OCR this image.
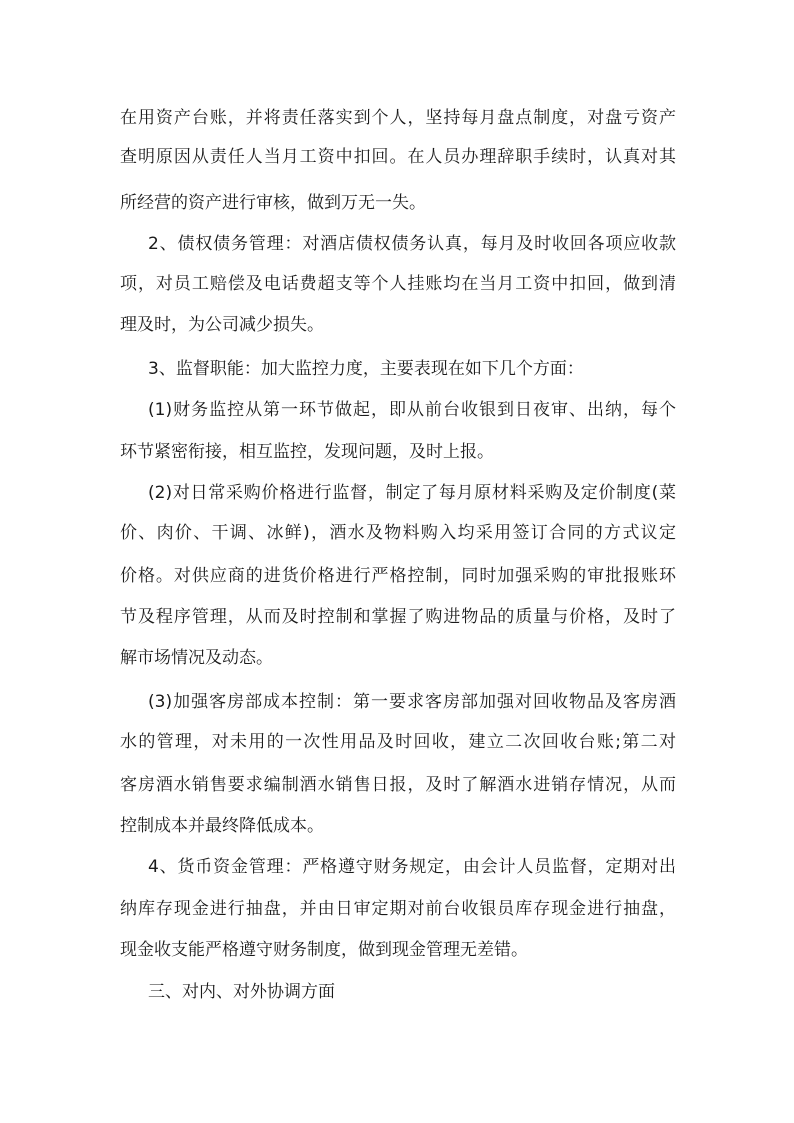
在用资产台账，并将责任落实到个人，坚持每月盘点制度，对盘亏资产
查明原因从责任人当月工资中扣回。在人员办理辞职手续时，认真对其
所经营的资产进行审核，做到万无一失。
2、债权债务管理：对酒店债权债务认真，每月及时收回各项应收款
项，对员工赔偿及电话费超支等个人挂账均在当月工资中扣回，做到清
理及时，为公司减少损失。
3、监督职能：加大监控力度，主要表现在如下几个方面：
(1)财务监控从第一环节做起，即从前台收银到日夜审、出纳，每个
环节紧密衔接，相互监控，发现问题，及时上报。
(2)对日常采购价格进行监督，制定了每月原材料采购及定价制度(菜
价、肉价、干调、冰鲜)，酒水及物料购入均采用签订合同的方式议定
价格。对供应商的进货价格进行严格控制，同时加强采购的审批报账环
节及程序管理，从而及时控制和掌握了购进物品的质量与价格，及时了
解市场情况及动态。
(3)加强客房部成本控制：第一要求客房部加强对回收物品及客房酒
水的管理，对未用的一次性用品及时回收，建立二次回收台账;第二对
客房酒水销售要求编制酒水销售日报，及时了解酒水进销存情况，从而
控制成本并最终降低成本。
4、货币资金管理：严格遵守财务规定，由会计人员监督，定期对出
纳库存现金进行抽盘，并由日审定期对前台收银员库存现金进行抽盘，
现金收支能严格遵守财务制度，做到现金管理无差错。
三、对内、对外协调方面
